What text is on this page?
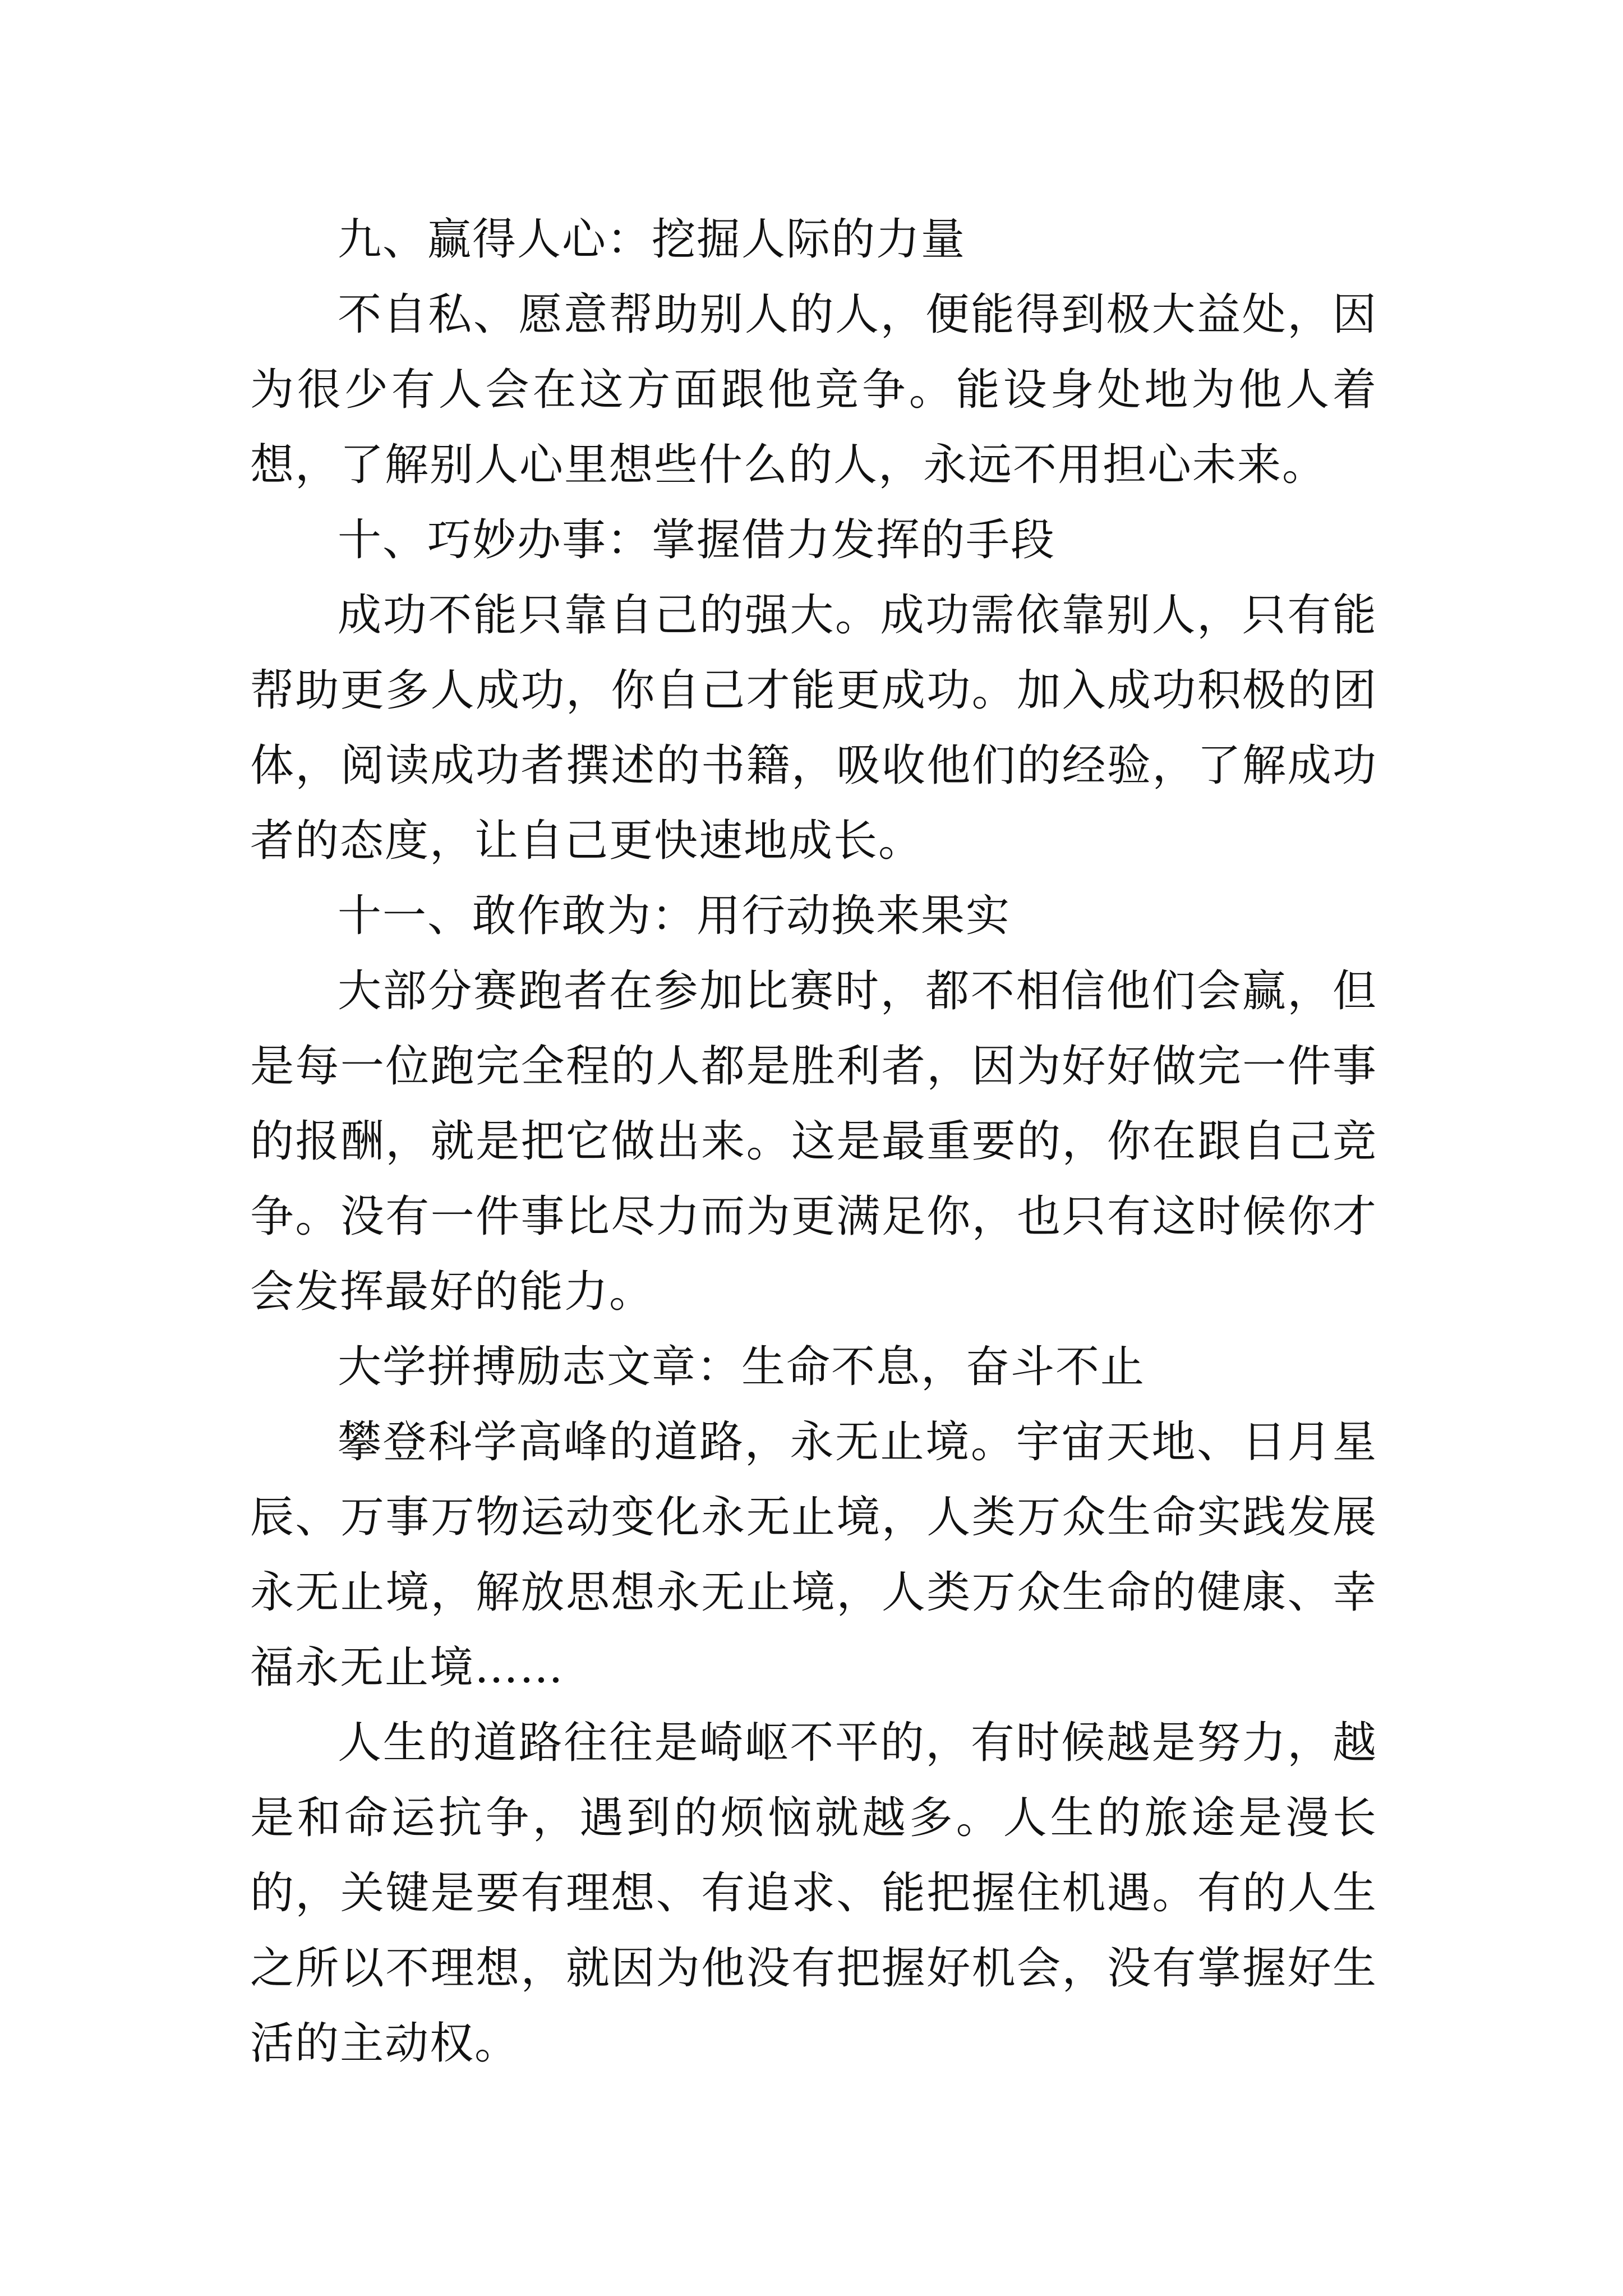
九、赢得人心：挖掘人际的力量

不自私、愿意帮助别人的人，便能得到极大益处，因为很少有人会在这方面跟他竞争。能设身处地为他人着想，了解别人心里想些什么的人，永远不用担心未来。

十、巧妙办事：掌握借力发挥的手段

成功不能只靠自己的强大。成功需依靠别人，只有能帮助更多人成功，你自己才能更成功。加入成功积极的团体，阅读成功者撰述的书籍，吸收他们的经验，了解成功者的态度，让自己更快速地成长。

十一、敢作敢为：用行动换来果实

大部分赛跑者在参加比赛时，都不相信他们会赢，但是每一位跑完全程的人都是胜利者，因为好好做完一件事的报酬，就是把它做出来。这是最重要的，你在跟自己竞争。没有一件事比尽力而为更满足你，也只有这时候你才会发挥最好的能力。

大学拼搏励志文章：生命不息，奋斗不止

攀登科学高峰的道路，永无止境。宇宙天地、日月星辰、万事万物运动变化永无止境，人类万众生命实践发展永无止境，解放思想永无止境，人类万众生命的健康、幸福永无止境……

人生的道路往往是崎岖不平的，有时候越是努力，越是和命运抗争，遇到的烦恼就越多。人生的旅途是漫长的，关键是要有理想、有追求、能把握住机遇。有的人生之所以不理想，就因为他没有把握好机会，没有掌握好生活的主动权。
